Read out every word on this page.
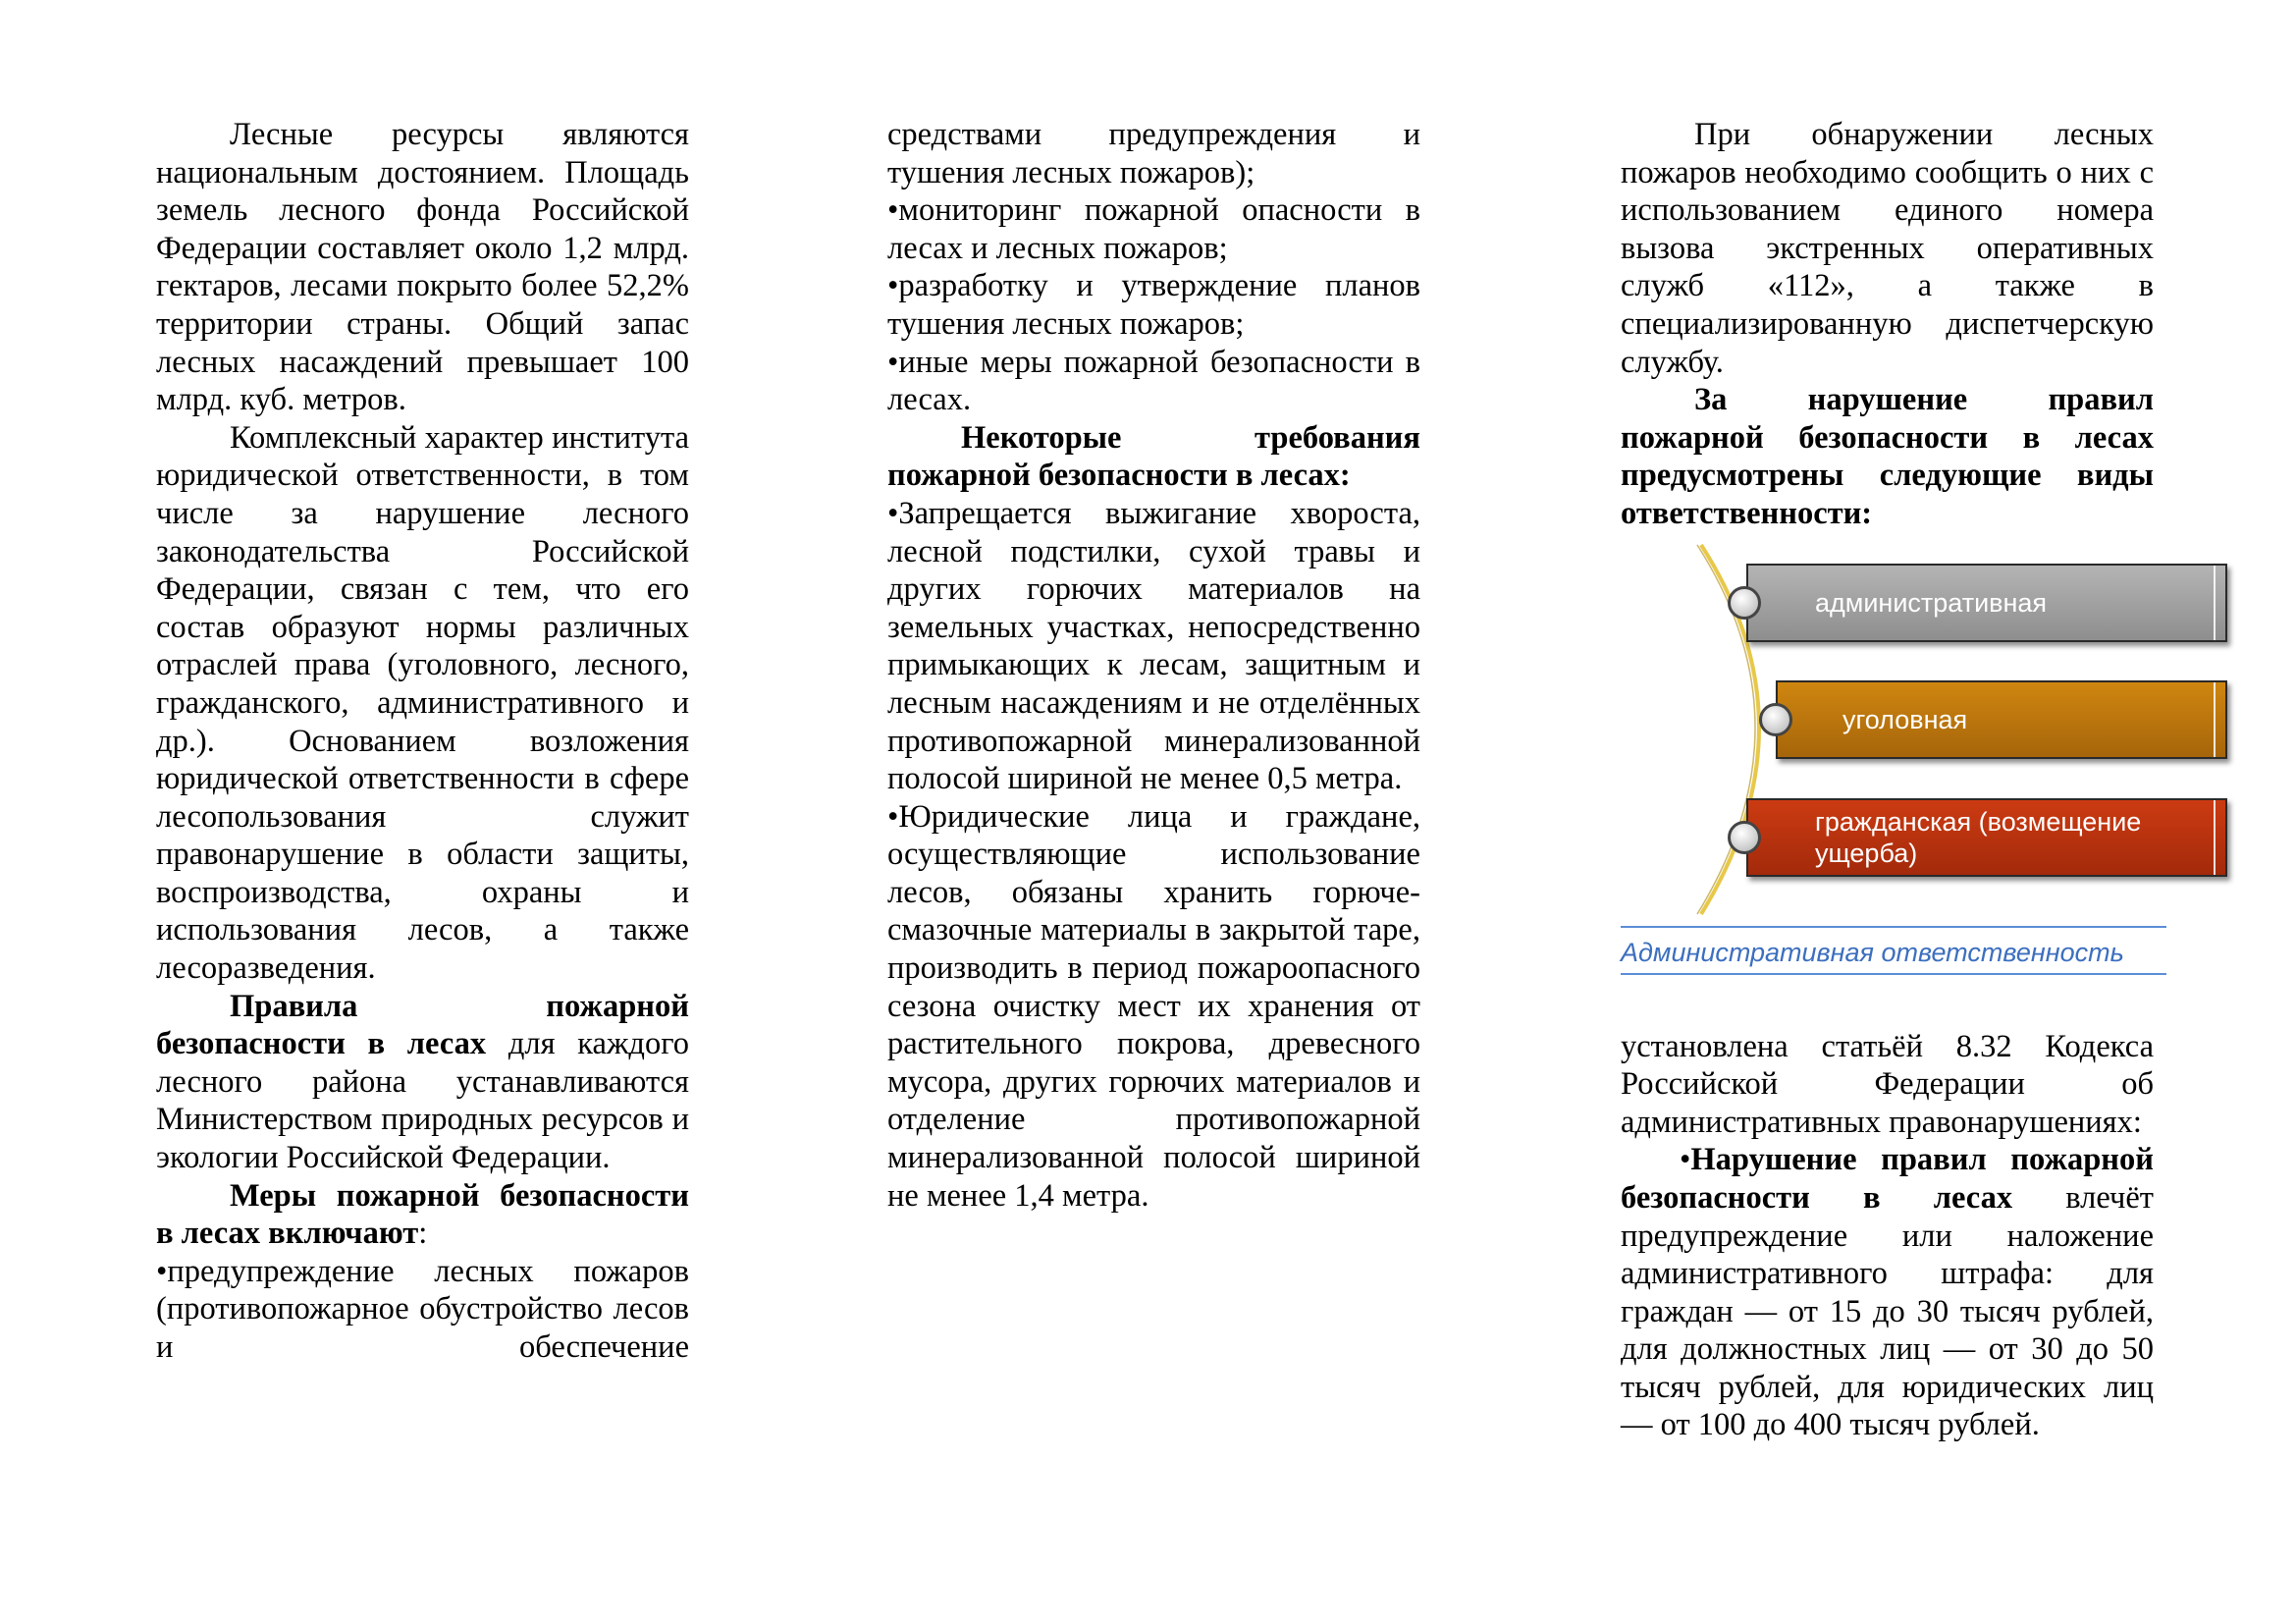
Лесные ресурсы являются национальным достоянием. Площадь земель лесного фонда Российской Федерации составляет около 1,2 млрд. гектаров, лесами покрыто более 52,2% территории страны. Общий запас лесных насаждений превышает 100 млрд. куб. метров.

Комплексный характер института юридической ответственности, в том числе за нарушение лесного законодательства Российской Федерации, связан с тем, что его состав образуют нормы различных отраслей права (уголовного, лесного, гражданского, административного и др.). Основанием возложения юридической ответственности в сфере лесопользования служит правонарушение в области защиты, воспроизводства, охраны и использования лесов, а также лесоразведения.

Правила пожарной безопасности в лесах для каждого лесного района устанавливаются Министерством природных ресурсов и экологии Российской Федерации.

Меры пожарной безопасности в лесах включают:

•предупреждение лесных пожаров (противопожарное обустройство лесов и обеспечение

средствами предупреждения и тушения лесных пожаров);

•мониторинг пожарной опасности в лесах и лесных пожаров;

•разработку и утверждение планов тушения лесных пожаров;

•иные меры пожарной безопасности в лесах.

Некоторые требования пожарной безопасности в лесах:

•Запрещается выжигание хвороста, лесной подстилки, сухой травы и других горючих материалов на земельных участках, непосредственно примыкающих к лесам, защитным и лесным насаждениям и не отделённых противопожарной минерализованной полосой шириной не менее 0,5 метра.

•Юридические лица и граждане, осуществляющие использование лесов, обязаны хранить горюче-смазочные материалы в закрытой таре, производить в период пожароопасного сезона очистку мест их хранения от растительного покрова, древесного мусора, других горючих материалов и отделение противопожарной минерализованной полосой шириной не менее 1,4 метра.

При обнаружении лесных пожаров необходимо сообщить о них с использованием единого номера вызова экстренных оперативных служб «112», а также в специализированную диспетчерскую службу.

За нарушение правил пожарной безопасности в лесах предусмотрены следующие виды ответственности:

административная
уголовная
гражданская (возмещение ущерба)
Административная ответственность

установлена статьёй 8.32 Кодекса Российской Федерации об административных правонарушениях:

•Нарушение правил пожарной безопасности в лесах влечёт предупреждение или наложение административного штрафа: для граждан — от 15 до 30 тысяч рублей, для должностных лиц — от 30 до 50 тысяч рублей, для юридических лиц — от 100 до 400 тысяч рублей.
